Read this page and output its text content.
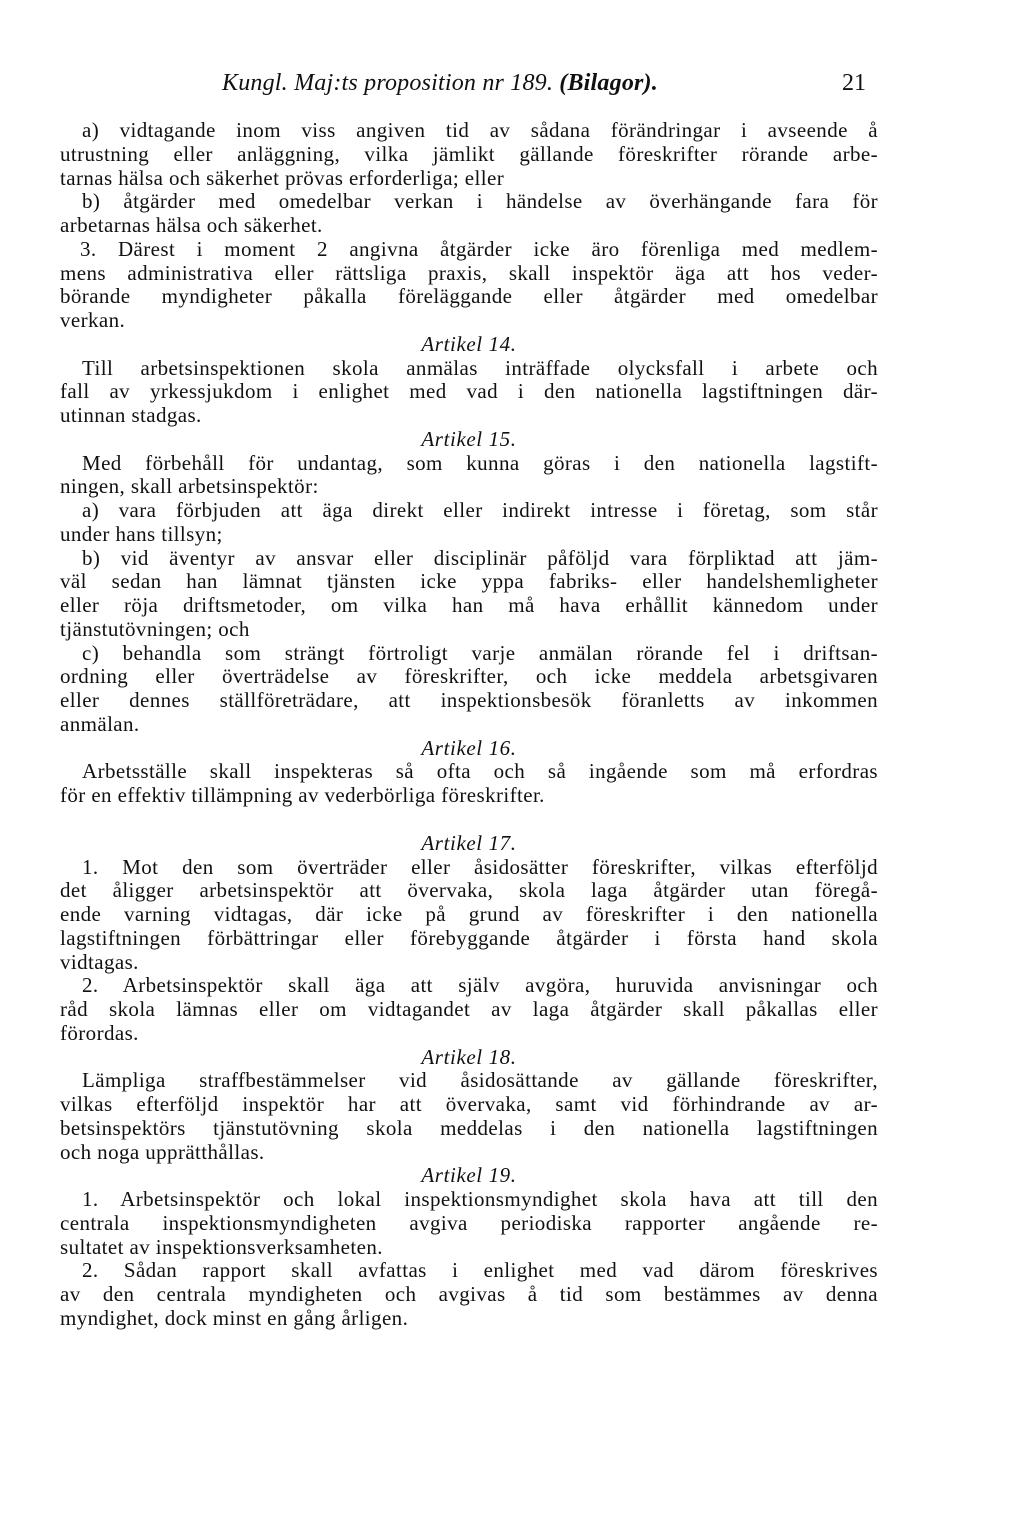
Kungl. Maj:ts proposition nr 189. (Bilagor).	21
a) vidtagande inom viss angiven tid av sådana förändringar i avseende å
utrustning eller anläggning, vilka jämlikt gällande föreskrifter rörande arbe-
tarnas hälsa och säkerhet prövas erforderliga; eller
b) åtgärder med omedelbar verkan i händelse av överhängande fara för
arbetarnas hälsa och säkerhet.
3. Därest i moment 2 angivna åtgärder icke äro förenliga med medlem-
mens administrativa eller rättsliga praxis, skall inspektör äga att hos veder-
börande myndigheter påkalla föreläggande eller åtgärder med omedelbar
verkan.
Artikel 14.
Till arbetsinspektionen skola anmälas inträffade olycksfall i arbete och
fall av yrkessjukdom i enlighet med vad i den nationella lagstiftningen där-
utinnan stadgas.
Artikel 15.
Med förbehåll för undantag, som kunna göras i den nationella lagstift-
ningen, skall arbetsinspektör:
a) vara förbjuden att äga direkt eller indirekt intresse i företag, som står
under hans tillsyn;
b) vid äventyr av ansvar eller disciplinär påföljd vara förpliktad att jäm-
väl sedan han lämnat tjänsten icke yppa fabriks- eller handelshemligheter
eller röja driftsmetoder, om vilka han må hava erhållit kännedom under
tjänstutövningen; och
c) behandla som strängt förtroligt varje anmälan rörande fel i driftsan-
ordning eller överträdelse av föreskrifter, och icke meddela arbetsgivaren
eller dennes ställföreträdare, att inspektionsbesök föranletts av inkommen
anmälan.
Artikel 16.
Arbetsställe skall inspekteras så ofta och så ingående som må erfordras
för en effektiv tillämpning av vederbörliga föreskrifter.
Artikel 17.
1. Mot den som överträder eller åsidosätter föreskrifter, vilkas efterföljd
det åligger arbetsinspektör att övervaka, skola laga åtgärder utan föregå-
ende varning vidtagas, där icke på grund av föreskrifter i den nationella
lagstiftningen förbättringar eller förebyggande åtgärder i första hand skola
vidtagas.
2. Arbetsinspektör skall äga att själv avgöra, huruvida anvisningar och
råd skola lämnas eller om vidtagandet av laga åtgärder skall påkallas eller
förordas.
Artikel 18.
Lämpliga straffbestämmelser vid åsidosättande av gällande föreskrifter,
vilkas efterföljd inspektör har att övervaka, samt vid förhindrande av ar-
betsinspektörs tjänstutövning skola meddelas i den nationella lagstiftningen
och noga upprätthållas.
Artikel 19.
1. Arbetsinspektör och lokal inspektionsmyndighet skola hava att till den
centrala inspektionsmyndigheten avgiva periodiska rapporter angående re-
sultatet av inspektionsverksamheten.
2. Sådan rapport skall avfattas i enlighet med vad därom föreskrives
av den centrala myndigheten och avgivas å tid som bestämmes av denna
myndighet, dock minst en gång årligen.
